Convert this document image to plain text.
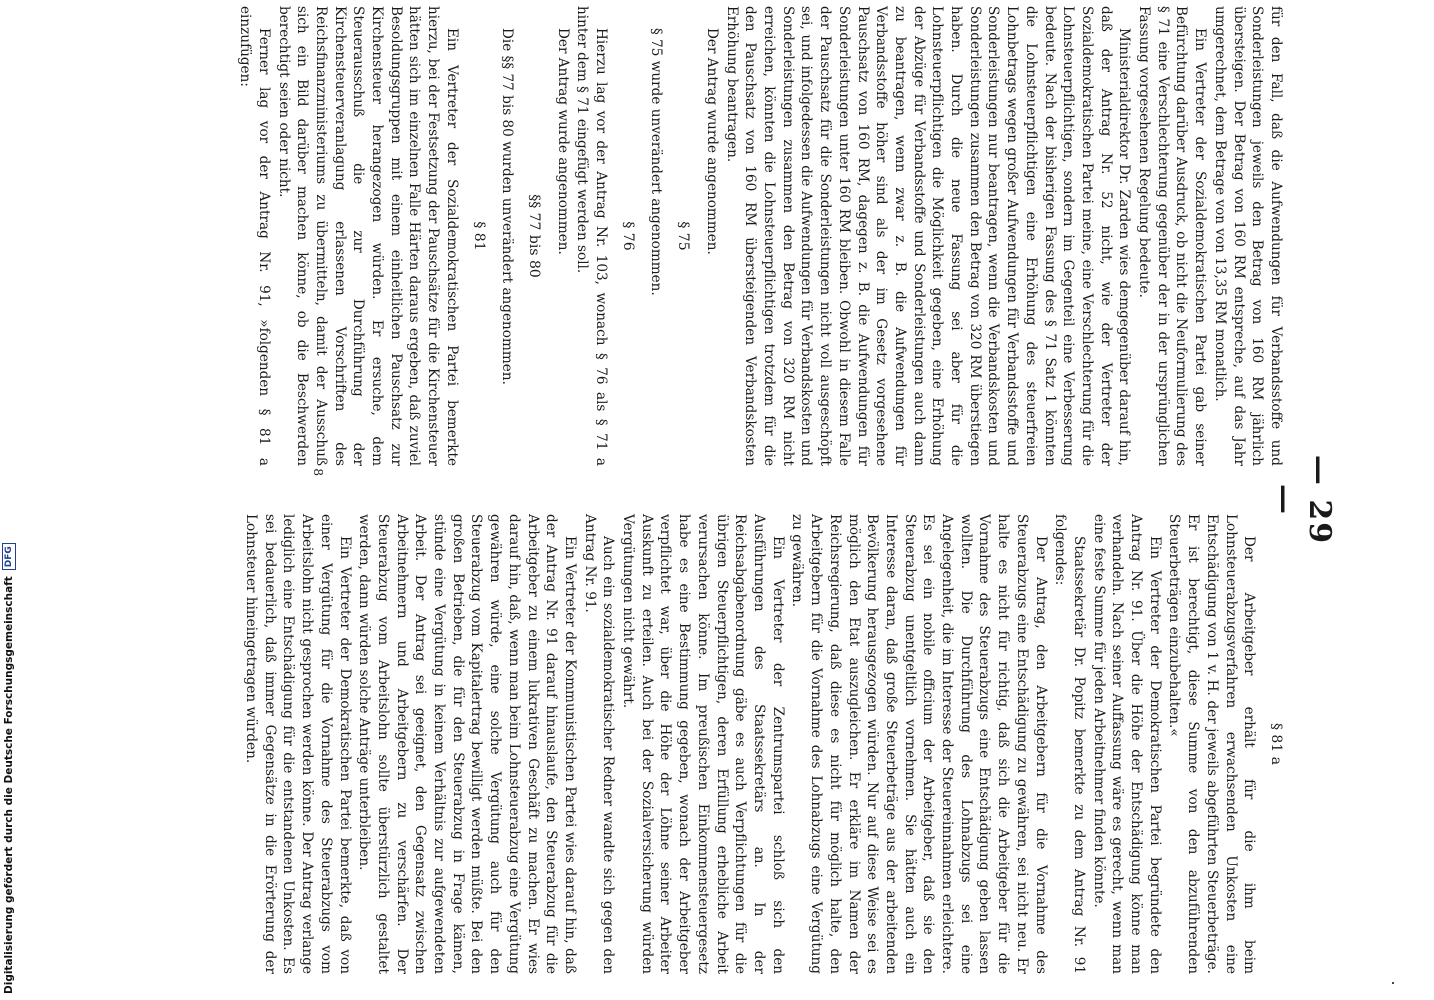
— 29 —

für den Fall, daß die Aufwendungen für Verbandsstoffe und Sonderleistungen jeweils den Betrag von 160 RM jährlich übersteigen. Der Betrag von 160 RM entspreche, auf das Jahr umgerechnet, dem Betrage von von 13,35 RM monatlich.

Ein Vertreter der Sozialdemokratischen Partei gab seiner Befürchtung darüber Ausdruck, ob nicht die Neuformulierung des § 71 eine Verschlechterung gegenüber der in der ursprünglichen Fassung vorgesehenen Regelung bedeute.

Ministerialdirektor Dr. Zarden wies demgegenüber darauf hin, daß der Antrag Nr. 52 nicht, wie der Vertreter der Sozialdemokratischen Partei meine, eine Verschlechterung für die Lohnsteuerpflichtigen, sondern im Gegenteil eine Verbesserung bedeute. Nach der bisherigen Fassung des § 71 Satz 1 könnten die Lohnsteuerpflichtigen eine Erhöhung des steuerfreien Lohnbetrags wegen großer Aufwendungen für Verbandsstoffe und Sonderleistungen nur beantragen, wenn die Verbandskosten und Sonderleistungen zusammen den Betrag von 320 RM überstiegen haben. Durch die neue Fassung sei aber für die Lohnsteuerpflichtigen die Möglichkeit gegeben, eine Erhöhung der Abzüge für Verbandsstoffe und Sonderleistungen auch dann zu beantragen, wenn zwar z. B. die Aufwendungen für Verbandsstoffe höher sind als der im Gesetz vorgesehene Pauschsatz von 160 RM, dagegen z. B. die Aufwendungen für Sonderleistungen unter 160 RM bleiben. Obwohl in diesem Falle der Pauschsatz für die Sonderleistungen nicht voll ausgeschöpft sei, und infolgedessen die Aufwendungen für Verbandskosten und Sonderleistungen zusammen den Betrag von 320 RM nicht erreichen, könnten die Lohnsteuerpflichtigen trotzdem für die den Pauschsatz von 160 RM übersteigenden Verbandskosten Erhöhung beantragen.

Der Antrag wurde angenommen.

§ 75

§ 75 wurde unverändert angenommen.

§ 76

Hierzu lag vor der Antrag Nr. 103, wonach § 76 als § 71 a hinter dem § 71 eingefügt werden soll.

Der Antrag wurde angenommen.

§§ 77 bis 80

Die §§ 77 bis 80 wurden unverändert angenommen.

§ 81

Ein Vertreter der Sozialdemokratischen Partei bemerkte hierzu, bei der Festsetzung der Pauschsätze für die Kirchensteuer hätten sich im einzelnen Falle Härten daraus ergeben, daß zuviel Besoldungsgruppen mit einem einheitlichen Pauschsatz zur Kirchensteuer herangezogen würden. Er ersuche, dem Steuerausschuß die zur Durchführung der Kirchensteuerveranlagung erlassenen Vorschriften des Reichsfinanzministeriums zu übermitteln, damit der Ausschuß sich ein Bild darüber machen könne, ob die Beschwerden berechtigt seien oder nicht.

Ferner lag vor der Antrag Nr. 91, »folgenden § 81 a einzufügen:

§ 81 a

Der Arbeitgeber erhält für die ihm beim Lohnsteuerabzugsverfahren erwachsenden Unkosten eine Entschädigung von 1 v. H. der jeweils abgeführten Steuerbeträge. Er ist berechtigt, diese Summe von den abzuführenden Steuerbeträgen einzubehalten.«

Ein Vertreter der Demokratischen Partei begründete den Antrag Nr. 91. Über die Höhe der Entschädigung könne man verhandeln. Nach seiner Auffassung wäre es gerecht, wenn man eine feste Summe für jeden Arbeitnehmer finden könnte.

Staatssekretär Dr. Popitz bemerkte zu dem Antrag Nr. 91 folgendes:

Der Antrag, den Arbeitgebern für die Vornahme des Steuerabzugs eine Entschädigung zu gewähren, sei nicht neu. Er halte es nicht für richtig, daß sich die Arbeitgeber für die Vornahme des Steuerabzugs eine Entschädigung geben lassen wollten. Die Durchführung des Lohnabzugs sei eine Angelegenheit, die im Interesse der Steuereinnahmen erleichtere. Es sei ein nobile officium der Arbeitgeber, daß sie den Steuerabzug unentgeltlich vornehmen. Sie hätten auch ein Interesse daran, daß große Steuerbeträge aus der arbeitenden Bevölkerung herausgezogen würden. Nur auf diese Weise sei es möglich den Etat auszugleichen. Er erkläre im Namen der Reichsregierung, daß diese es nicht für möglich halte, den Arbeitgebern für die Vornahme des Lohnabzugs eine Vergütung zu gewähren.

Ein Vertreter der Zentrumspartei schloß sich den Ausführungen des Staatssekretärs an. In der Reichsabgabenordnung gäbe es auch Verpflichtungen für die übrigen Steuerpflichtigen, deren Erfüllung erhebliche Arbeit verursachen könne. Im preußischen Einkommensteuergesetz habe es eine Bestimmung gegeben, wonach der Arbeitgeber verpflichtet war, über die Höhe der Löhne seiner Arbeiter Auskunft zu erteilen. Auch bei der Sozialversicherung würden Vergütungen nicht gewährt.

Auch ein sozialdemokratischer Redner wandte sich gegen den Antrag Nr. 91.

Ein Vertreter der Kommunistischen Partei wies darauf hin, daß der Antrag Nr. 91 darauf hinauslaufe, den Steuerabzug für die Arbeitgeber zu einem lukrativen Geschäft zu machen. Er wies darauf hin, daß, wenn man beim Lohnsteuerabzug eine Vergütung gewähren würde, eine solche Vergütung auch für den Steuerabzug vom Kapitalertrag bewilligt werden müßte. Bei den großen Betrieben, die für den Steuerabzug in Frage kämen, stünde eine Vergütung in keinem Verhältnis zur aufgewendeten Arbeit. Der Antrag sei geeignet, den Gegensatz zwischen Arbeitnehmern und Arbeitgebern zu verschärfen. Der Steuerabzug vom Arbeitslohn sollte überstürzlich gestaltet werden, dann würden solche Anträge unterbleiben.

Ein Vertreter der Demokratischen Partei bemerkte, daß von einer Vergütung für die Vornahme des Steuerabzugs vom Arbeitslohn nicht gesprochen werden könne. Der Antrag verlange lediglich eine Entschädigung für die entstandenen Unkosten. Es sei bedauerlich, daß immer Gegensätze in die Erörterung der Lohnsteuer hineingetragen würden.

8
Digitalisierung gefördert durch die Deutsche Forschungsgemeinschaft
DFG
